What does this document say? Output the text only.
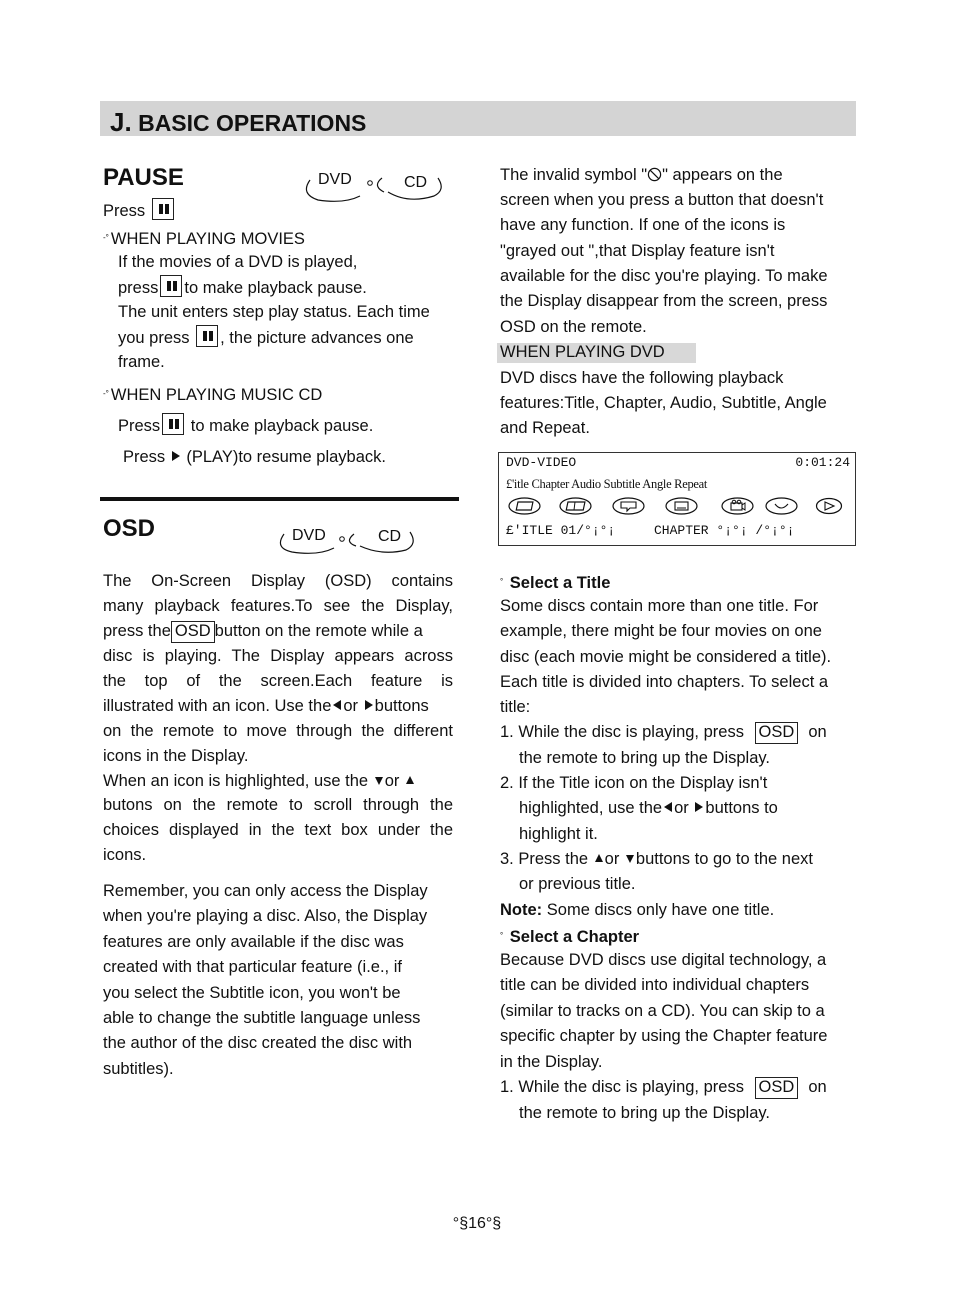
J. BASIC OPERATIONS
PAUSE	DVD	CD
Press
-° WHEN PLAYING MOVIES
If the movies of a DVD is played,
press to make playback pause.
The unit enters step play status. Each time
you press , the picture advances one
frame.
-° WHEN PLAYING MUSIC CD
Press to make playback pause.
Press (PLAY)to resume playback.
OSD	DVD	CD
The On-Screen Display (OSD) contains
many playback features.To see the Display,
press the OSD button on the remote while a
disc is playing. The Display appears across
the top of the screen.Each feature is
illustrated with an icon. Use the or buttons
on the remote to move through the different
icons in the Display.
When an icon is highlighted, use the or
butons on the remote to scroll through the
choices displayed in the text box under the
icons.
Remember, you can only access the Display
when you're playing a disc. Also, the Display
features are only available if the disc was
created with that particular feature (i.e., if
you select the Subtitle icon, you won't be
able to change the subtitle language unless
the author of the disc created the disc with
subtitles).
The invalid symbol " " appears on the
screen when you press a button that doesn't
have any function. If one of the icons is
"grayed out ",that Display feature isn't
available for the disc you're playing. To make
the Display disappear from the screen, press
OSD on the remote.
WHEN PLAYING DVD
DVD discs have the following playback
features:Title, Chapter, Audio, Subtitle, Angle
and Repeat.
DVD-VIDEO	0:01:24
£'itle Chapter Audio Subtitle Angle Repeat
£'ITLE 01/°¡°¡	CHAPTER °¡°¡ /°¡°¡
° Select a Title
Some discs contain more than one title. For
example, there might be four movies on one
disc (each movie might be considered a title).
Each title is divided into chapters. To select a
title:
1. While the disc is playing, press OSD on
the remote to bring up the Display.
2. If the Title icon on the Display isn't
highlighted, use the or buttons to
highlight it.
3. Press the or buttons to go to the next
or previous title.
Note: Some discs only have one title.
° Select a Chapter
Because DVD discs use digital technology, a
title can be divided into individual chapters
(similar to tracks on a CD). You can skip to a
specific chapter by using the Chapter feature
in the Display.
1. While the disc is playing, press OSD on
the remote to bring up the Display.
°§16°§
